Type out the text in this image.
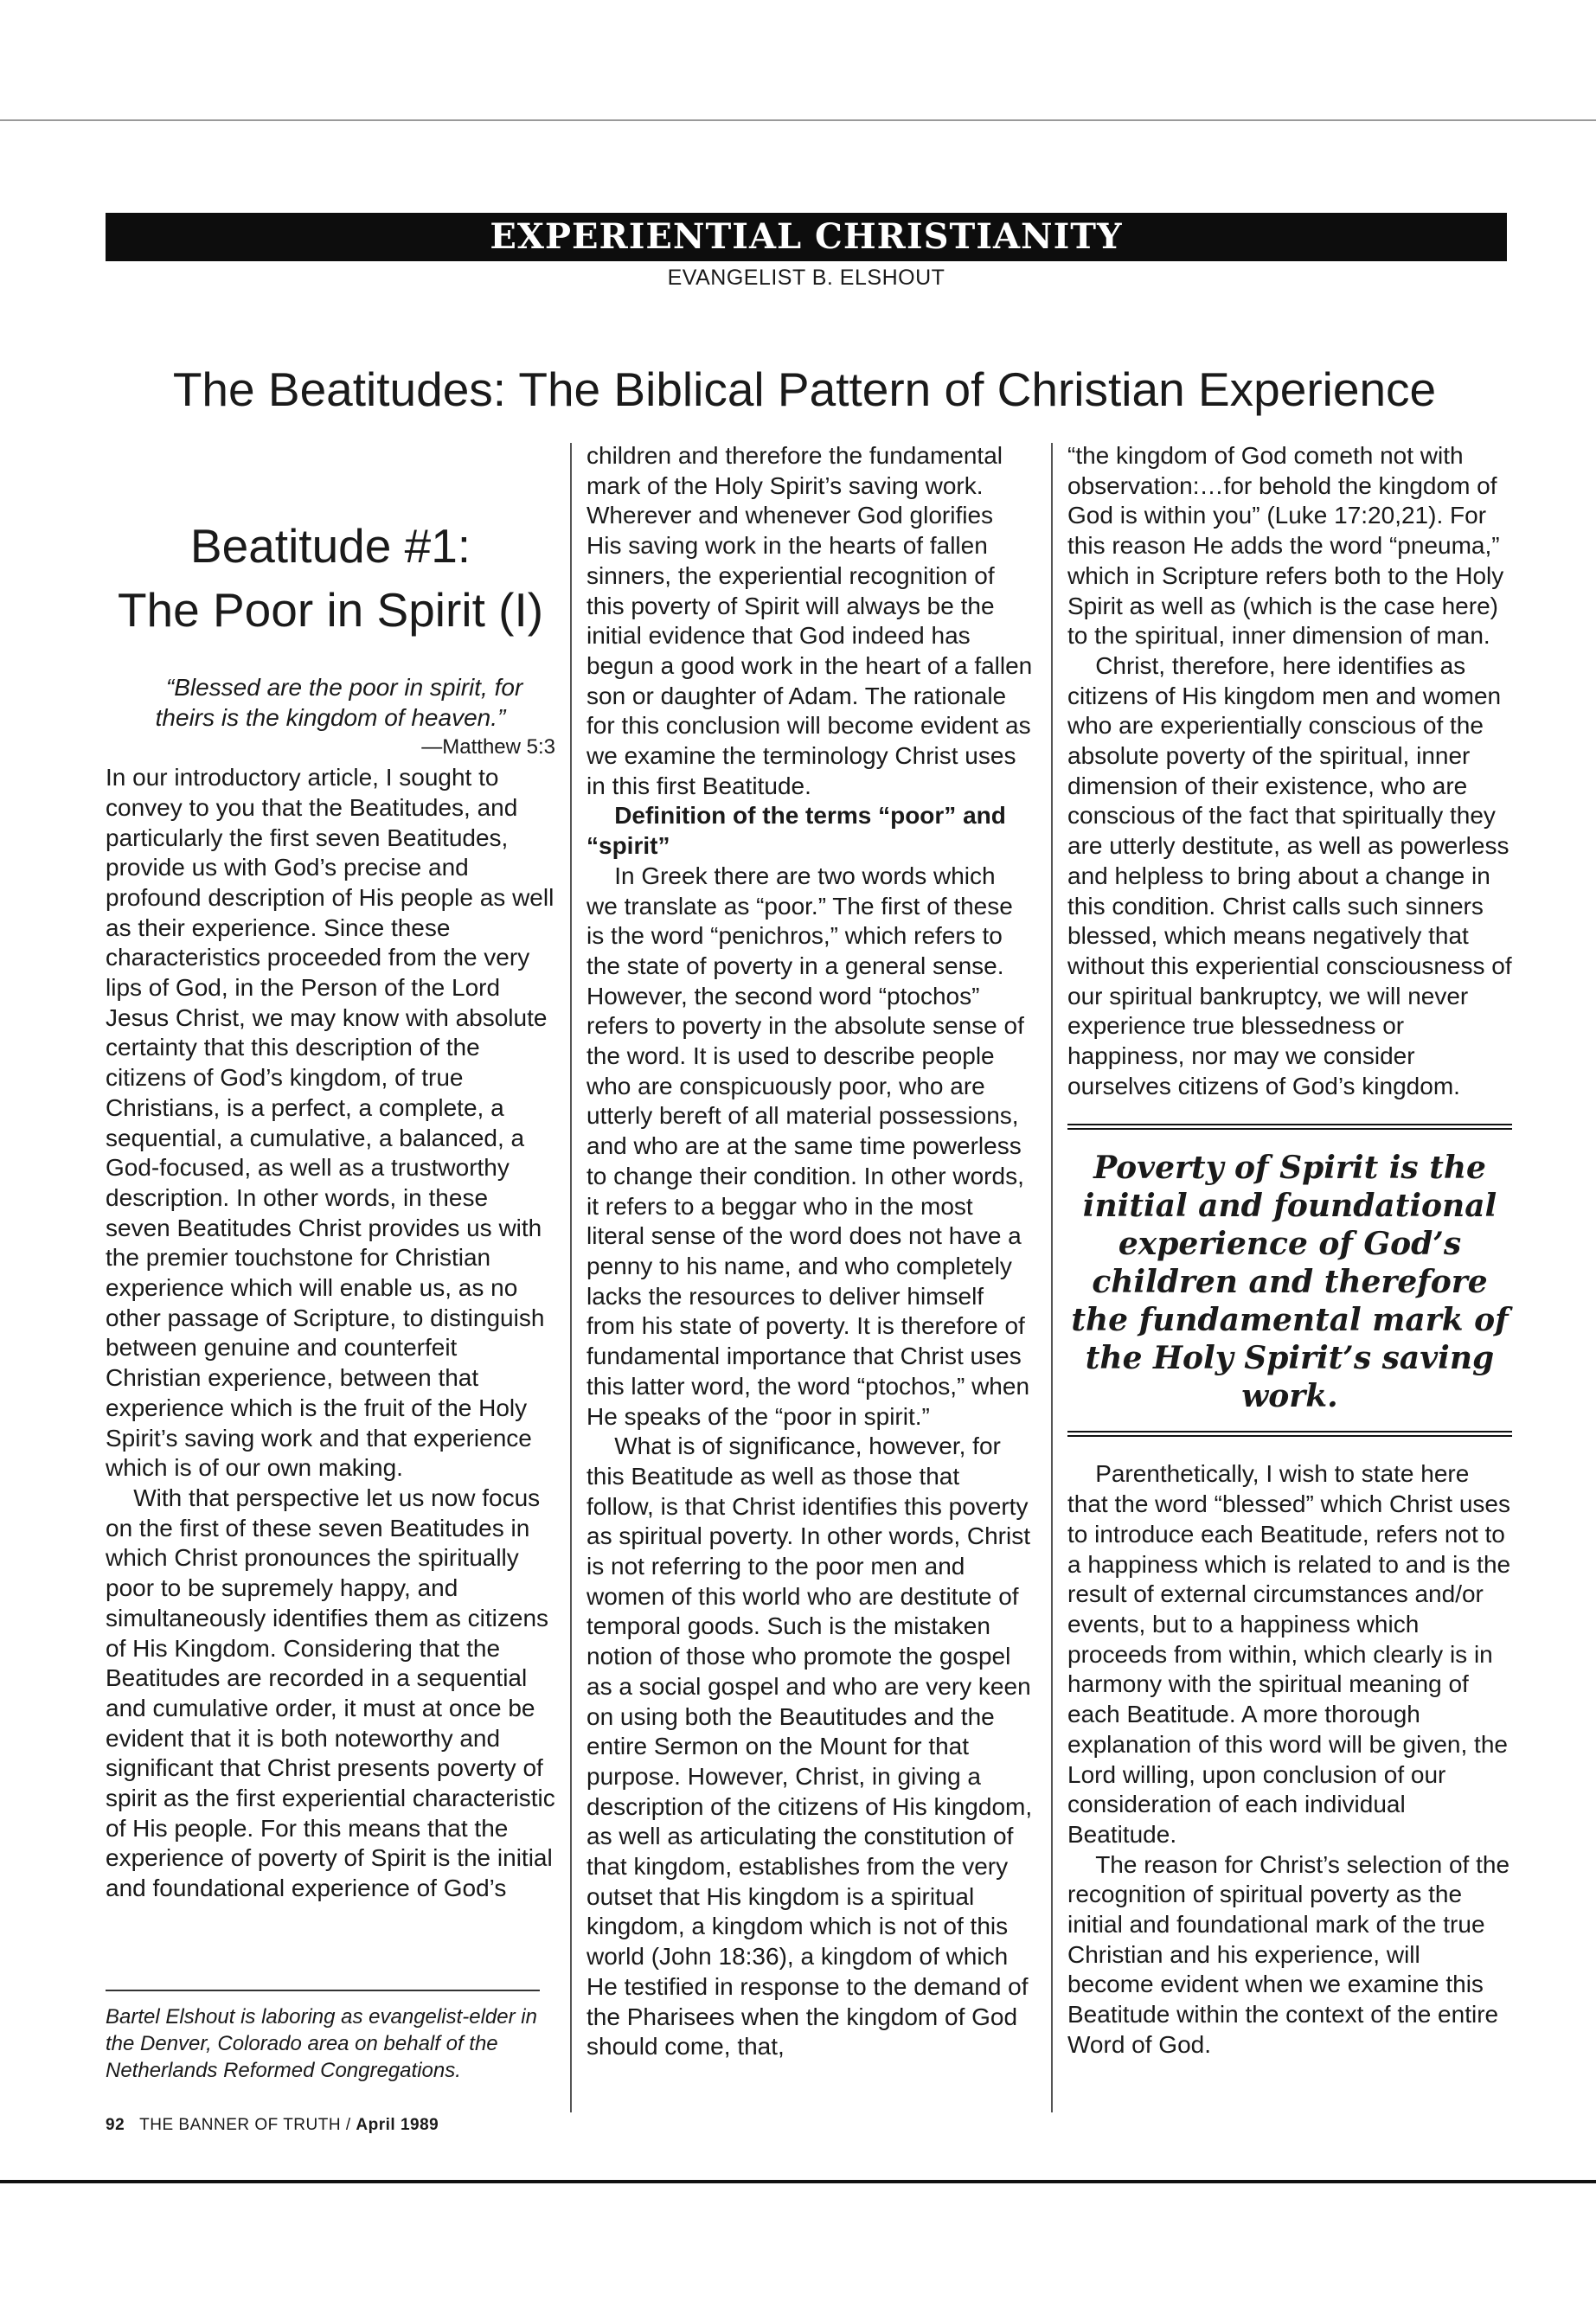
EXPERIENTIAL CHRISTIANITY
EVANGELIST B. ELSHOUT
The Beatitudes: The Biblical Pattern of Christian Experience
Beatitude #1:
The Poor in Spirit (I)

“Blessed are the poor in spirit, for theirs is the kingdom of heaven.”

—Matthew 5:3

In our introductory article, I sought to convey to you that the Beatitudes, and particularly the first seven Beatitudes, provide us with God’s precise and profound description of His people as well as their experience. Since these characteristics proceeded from the very lips of God, in the Person of the Lord Jesus Christ, we may know with absolute certainty that this description of the citizens of God’s kingdom, of true Christians, is a perfect, a complete, a sequential, a cumulative, a balanced, a God-focused, as well as a trustworthy description. In other words, in these seven Beatitudes Christ provides us with the premier touchstone for Christian experience which will enable us, as no other passage of Scripture, to distinguish between genuine and counterfeit Christian experience, between that experience which is the fruit of the Holy Spirit’s saving work and that experience which is of our own making.

With that perspective let us now focus on the first of these seven Beatitudes in which Christ pronounces the spiritually poor to be supremely happy, and simultaneously identifies them as citizens of His Kingdom. Considering that the Beatitudes are recorded in a sequential and cumulative order, it must at once be evident that it is both noteworthy and significant that Christ presents poverty of spirit as the first experiential characteristic of His people. For this means that the experience of poverty of Spirit is the initial and foundational experience of God’s

Bartel Elshout is laboring as evangelist-elder in the Denver, Colorado area on behalf of the Netherlands Reformed Congregations.
92 THE BANNER OF TRUTH / April 1989

children and therefore the fundamental mark of the Holy Spirit’s saving work. Wherever and whenever God glorifies His saving work in the hearts of fallen sinners, the experiential recognition of this poverty of Spirit will always be the initial evidence that God indeed has begun a good work in the heart of a fallen son or daughter of Adam. The rationale for this conclusion will become evident as we examine the terminology Christ uses in this first Beatitude.

Definition of the terms “poor” and “spirit”

In Greek there are two words which we translate as “poor.” The first of these is the word “penichros,” which refers to the state of poverty in a general sense. However, the second word “ptochos” refers to poverty in the absolute sense of the word. It is used to describe people who are conspicuously poor, who are utterly bereft of all material possessions, and who are at the same time powerless to change their condition. In other words, it refers to a beggar who in the most literal sense of the word does not have a penny to his name, and who completely lacks the resources to deliver himself from his state of poverty. It is therefore of fundamental importance that Christ uses this latter word, the word “ptochos,” when He speaks of the “poor in spirit.”

What is of significance, however, for this Beatitude as well as those that follow, is that Christ identifies this poverty as spiritual poverty. In other words, Christ is not referring to the poor men and women of this world who are destitute of temporal goods. Such is the mistaken notion of those who promote the gospel as a social gospel and who are very keen on using both the Beautitudes and the entire Sermon on the Mount for that purpose. However, Christ, in giving a description of the citizens of His kingdom, as well as articulating the constitution of that kingdom, establishes from the very outset that His kingdom is a spiritual kingdom, a kingdom which is not of this world (John 18:36), a kingdom of which He testified in response to the demand of the Pharisees when the kingdom of God should come, that,

“the kingdom of God cometh not with observation:…for behold the kingdom of God is within you” (Luke 17:20,21). For this reason He adds the word “pneuma,” which in Scripture refers both to the Holy Spirit as well as (which is the case here) to the spiritual, inner dimension of man.

Christ, therefore, here identifies as citizens of His kingdom men and women who are experientially conscious of the absolute poverty of the spiritual, inner dimension of their existence, who are conscious of the fact that spiritually they are utterly destitute, as well as powerless and helpless to bring about a change in this condition. Christ calls such sinners blessed, which means negatively that without this experiential consciousness of our spiritual bankruptcy, we will never experience true blessedness or happiness, nor may we consider ourselves citizens of God’s kingdom.

Poverty of Spirit is the initial and foundational experience of God’s children and therefore the fundamental mark of the Holy Spirit’s saving work.

Parenthetically, I wish to state here that the word “blessed” which Christ uses to introduce each Beatitude, refers not to a happiness which is related to and is the result of external circumstances and/or events, but to a happiness which proceeds from within, which clearly is in harmony with the spiritual meaning of each Beatitude. A more thorough explanation of this word will be given, the Lord willing, upon conclusion of our consideration of each individual Beatitude.

The reason for Christ’s selection of the recognition of spiritual poverty as the initial and foundational mark of the true Christian and his experience, will become evident when we examine this Beatitude within the context of the entire Word of God.
